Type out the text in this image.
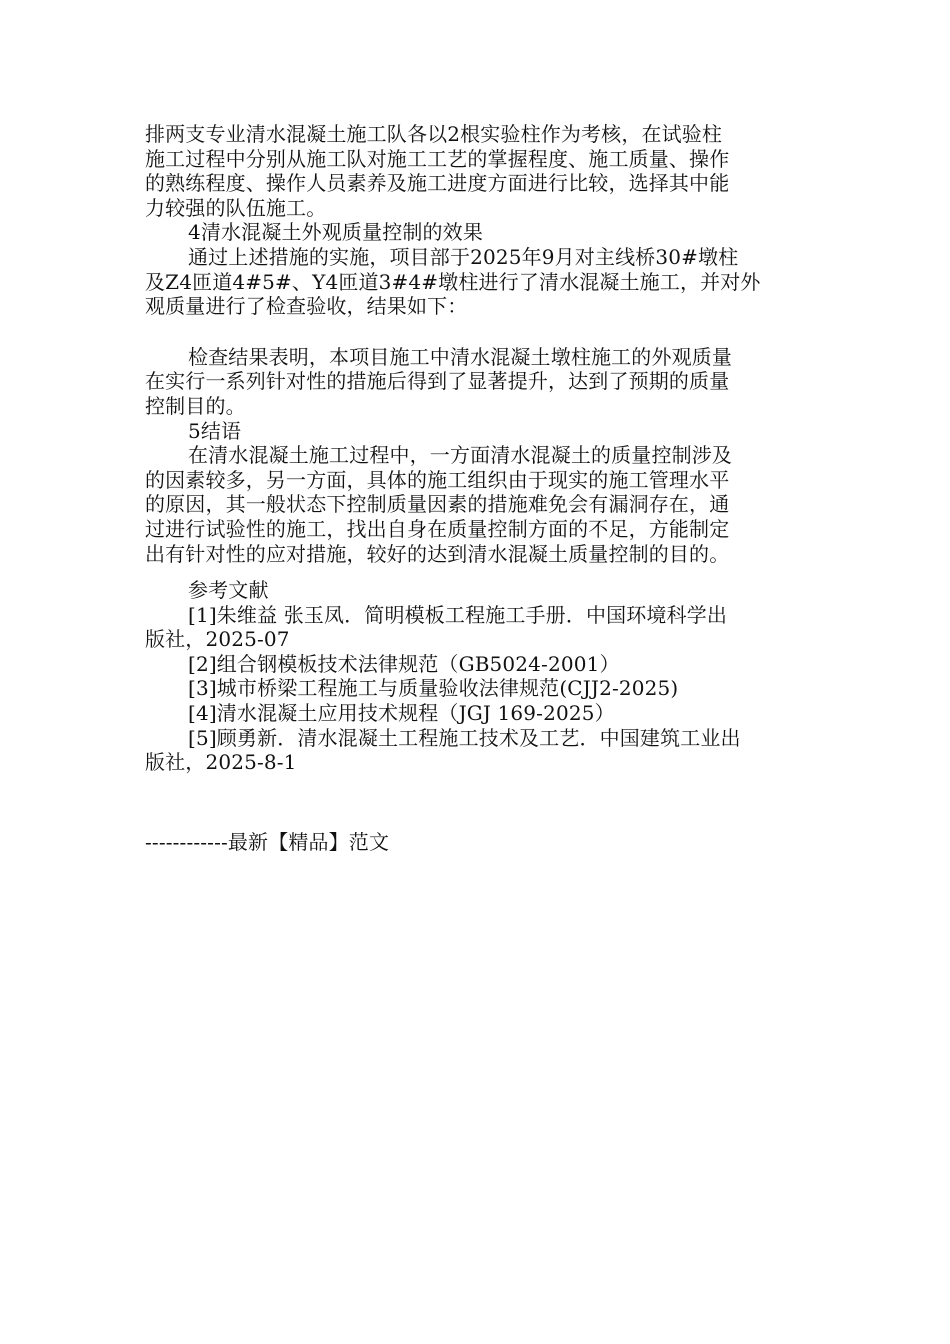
排两支专业清水混凝土施工队各以2根实验柱作为考核，在试验柱
施工过程中分别从施工队对施工工艺的掌握程度、施工质量、操作
的熟练程度、操作人员素养及施工进度方面进行比较，选择其中能
力较强的队伍施工。
4清水混凝土外观质量控制的效果
通过上述措施的实施，项目部于2025年9月对主线桥30#墩柱
及Z4匝道4#5#、Y4匝道3#4#墩柱进行了清水混凝土施工，并对外
观质量进行了检查验收，结果如下：
检查结果表明，本项目施工中清水混凝土墩柱施工的外观质量
在实行一系列针对性的措施后得到了显著提升，达到了预期的质量
控制目的。
5结语
在清水混凝土施工过程中，一方面清水混凝土的质量控制涉及
的因素较多，另一方面，具体的施工组织由于现实的施工管理水平
的原因，其一般状态下控制质量因素的措施难免会有漏洞存在，通
过进行试验性的施工，找出自身在质量控制方面的不足，方能制定
出有针对性的应对措施，较好的达到清水混凝土质量控制的目的。
参考文献
[1]朱维益 张玉凤．简明模板工程施工手册．中国环境科学出
版社，2025-07
[2]组合钢模板技术法律规范（GB5024-2001）
[3]城市桥梁工程施工与质量验收法律规范(CJJ2-2025)
[4]清水混凝土应用技术规程（JGJ 169-2025）
[5]顾勇新．清水混凝土工程施工技术及工艺．中国建筑工业出
版社，2025-8-1
------------最新【精品】范文
